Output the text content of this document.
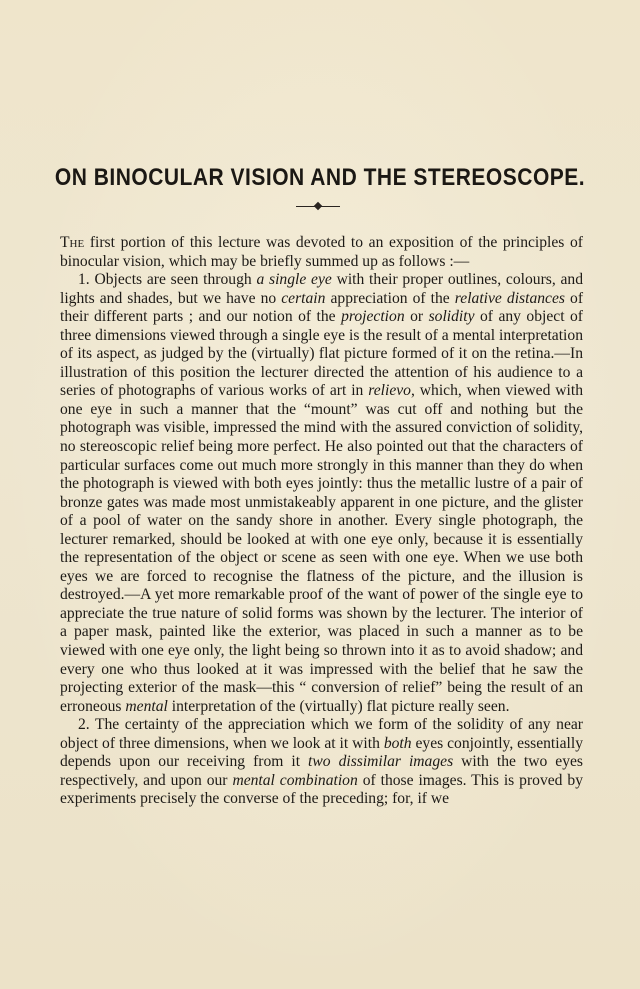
ON BINOCULAR VISION AND THE STEREOSCOPE.

The first portion of this lecture was devoted to an exposition of the principles of binocular vision, which may be briefly summed up as follows :—

1. Objects are seen through a single eye with their proper outlines, colours, and lights and shades, but we have no certain appreciation of the relative distances of their different parts ; and our notion of the projection or solidity of any object of three dimensions viewed through a single eye is the result of a mental interpretation of its aspect, as judged by the (virtually) flat picture formed of it on the retina.—In illustration of this position the lecturer directed the attention of his audience to a series of photographs of various works of art in relievo, which, when viewed with one eye in such a manner that the “mount” was cut off and nothing but the photograph was visible, impressed the mind with the assured conviction of solidity, no stereoscopic relief being more perfect. He also pointed out that the characters of particular surfaces come out much more strongly in this manner than they do when the photograph is viewed with both eyes jointly: thus the metallic lustre of a pair of bronze gates was made most unmistakeably apparent in one picture, and the glister of a pool of water on the sandy shore in another. Every single photograph, the lecturer remarked, should be looked at with one eye only, because it is essentially the representation of the object or scene as seen with one eye. When we use both eyes we are forced to recognise the flatness of the picture, and the illusion is destroyed.—A yet more remarkable proof of the want of power of the single eye to appreciate the true nature of solid forms was shown by the lecturer. The interior of a paper mask, painted like the exterior, was placed in such a manner as to be viewed with one eye only, the light being so thrown into it as to avoid shadow; and every one who thus looked at it was impressed with the belief that he saw the projecting exterior of the mask—this “ conversion of relief” being the result of an erroneous mental interpretation of the (virtually) flat picture really seen.

2. The certainty of the appreciation which we form of the solidity of any near object of three dimensions, when we look at it with both eyes conjointly, essentially depends upon our receiving from it two dissimilar images with the two eyes respectively, and upon our mental combination of those images. This is proved by experiments precisely the converse of the preceding; for, if we
